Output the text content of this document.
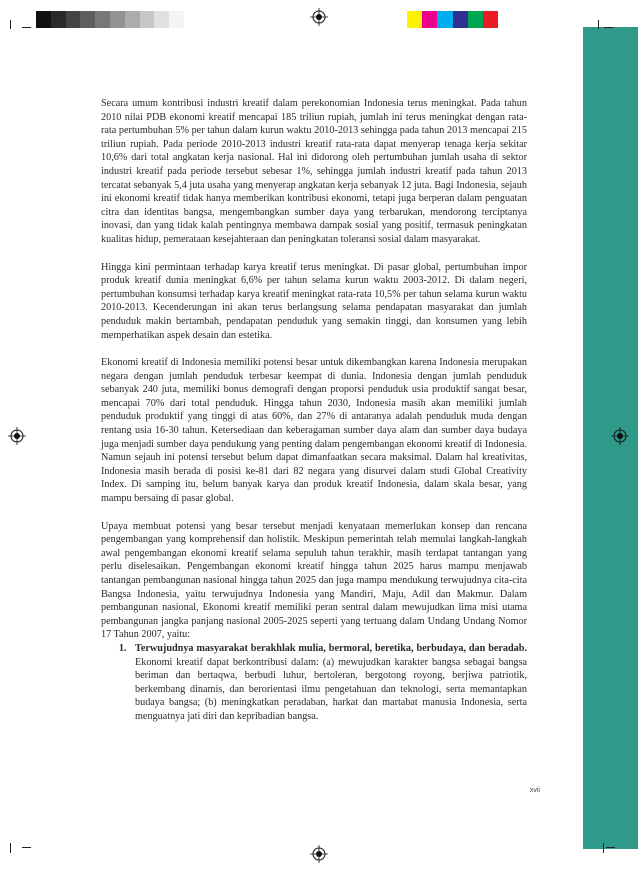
Secara umum kontribusi industri kreatif dalam perekonomian Indonesia terus meningkat. Pada tahun 2010 nilai PDB ekonomi kreatif mencapai 185 triliun rupiah, jumlah ini terus meningkat dengan rata-rata pertumbuhan 5% per tahun dalam kurun waktu 2010-2013 sehingga pada tahun 2013 mencapai 215 triliun rupiah. Pada periode 2010-2013 industri kreatif rata-rata dapat menyerap tenaga kerja sekitar 10,6% dari total angkatan kerja nasional. Hal ini didorong oleh pertumbuhan jumlah usaha di sektor industri kreatif pada periode tersebut sebesar 1%, sehingga jumlah industri kreatif pada tahun 2013 tercatat sebanyak 5,4 juta usaha yang menyerap angkatan kerja sebanyak 12 juta. Bagi Indonesia, sejauh ini ekonomi kreatif tidak hanya memberikan kontribusi ekonomi, tetapi juga berperan dalam penguatan citra dan identitas bangsa, mengembangkan sumber daya yang terbarukan, mendorong terciptanya inovasi, dan yang tidak kalah pentingnya membawa dampak sosial yang positif, termasuk peningkatan kualitas hidup, pemerataan kesejahteraan dan peningkatan toleransi sosial dalam masyarakat.

Hingga kini permintaan terhadap karya kreatif terus meningkat. Di pasar global, pertumbuhan impor produk kreatif dunia meningkat 6,6% per tahun selama kurun waktu 2003-2012. Di dalam negeri, pertumbuhan konsumsi terhadap karya kreatif meningkat rata-rata 10,5% per tahun selama kurun waktu 2010-2013. Kecenderungan ini akan terus berlangsung selama pendapatan masyarakat dan jumlah penduduk makin bertambah, pendapatan penduduk yang semakin tinggi, dan konsumen yang lebih memperhatikan aspek desain dan estetika.

Ekonomi kreatif di Indonesia memiliki potensi besar untuk dikembangkan karena Indonesia merupakan negara dengan jumlah penduduk terbesar keempat di dunia. Indonesia dengan jumlah penduduk sebanyak 240 juta, memiliki bonus demografi dengan proporsi penduduk usia produktif sangat besar, mencapai 70% dari total penduduk. Hingga tahun 2030, Indonesia masih akan memiliki jumlah penduduk produktif yang tinggi di atas 60%, dan 27% di antaranya adalah penduduk muda dengan rentang usia 16-30 tahun. Ketersediaan dan keberagaman sumber daya alam dan sumber daya budaya juga menjadi sumber daya pendukung yang penting dalam pengembangan ekonomi kreatif di Indonesia. Namun sejauh ini potensi tersebut belum dapat dimanfaatkan secara maksimal. Dalam hal kreativitas, Indonesia masih berada di posisi ke-81 dari 82 negara yang disurvei dalam studi Global Creativity Index. Di samping itu, belum banyak karya dan produk kreatif Indonesia, dalam skala besar, yang mampu bersaing di pasar global.

Upaya membuat potensi yang besar tersebut menjadi kenyataan memerlukan konsep dan rencana pengembangan yang komprehensif dan holistik. Meskipun pemerintah telah memulai langkah-langkah awal pengembangan ekonomi kreatif selama sepuluh tahun terakhir, masih terdapat tantangan yang perlu diselesaikan. Pengembangan ekonomi kreatif hingga tahun 2025 harus mampu menjawab tantangan pembangunan nasional hingga tahun 2025 dan juga mampu mendukung terwujudnya cita-cita Bangsa Indonesia, yaitu terwujudnya Indonesia yang Mandiri, Maju, Adil dan Makmur. Dalam pembangunan nasional, Ekonomi kreatif memiliki peran sentral dalam mewujudkan lima misi utama pembangunan jangka panjang nasional 2005-2025 seperti yang tertuang dalam Undang Undang Nomor 17 Tahun 2007, yaitu:

1. Terwujudnya masyarakat berakhlak mulia, bermoral, beretika, berbudaya, dan beradab. Ekonomi kreatif dapat berkontribusi dalam: (a) mewujudkan karakter bangsa sebagai bangsa beriman dan bertaqwa, berbudi luhur, bertoleran, bergotong royong, berjiwa patriotik, berkembang dinamis, dan berorientasi ilmu pengetahuan dan teknologi, serta memantapkan budaya bangsa; (b) meningkatkan peradaban, harkat dan martabat manusia Indonesia, serta menguatnya jati diri dan kepribadian bangsa.
xvii
